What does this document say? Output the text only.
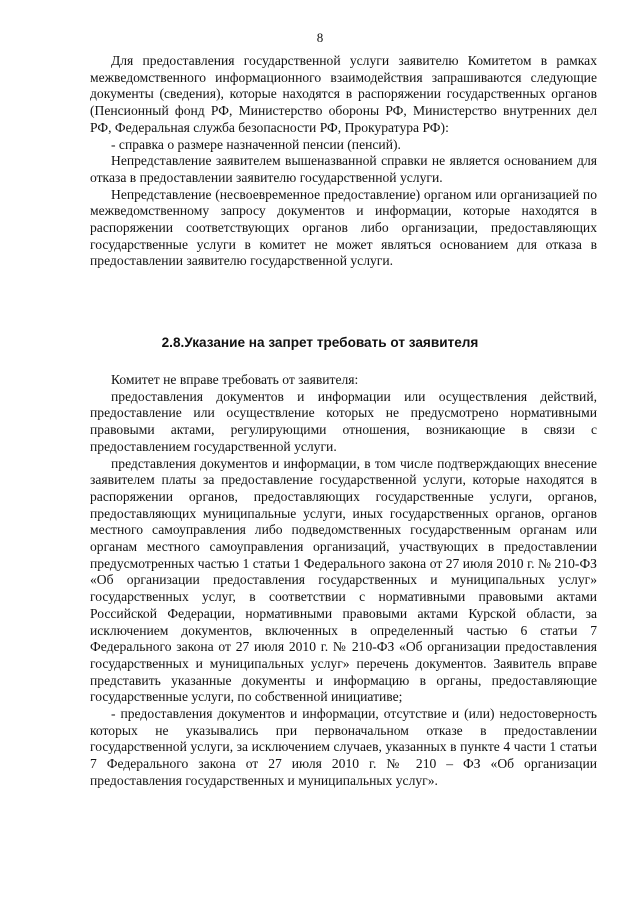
8

Для предоставления государственной услуги заявителю Комитетом в рамках межведомственного информационного взаимодействия запрашиваются следующие документы (сведения), которые находятся в распоряжении государственных органов (Пенсионный фонд РФ, Министерство обороны РФ, Министерство внутренних дел РФ, Федеральная служба безопасности РФ, Прокуратура РФ):

- справка о размере назначенной пенсии (пенсий).

Непредставление заявителем вышеназванной справки не является основанием для отказа в предоставлении заявителю государственной услуги.

Непредставление (несвоевременное предоставление) органом или организацией по межведомственному запросу документов и информации, которые находятся в распоряжении соответствующих органов либо организации, предоставляющих государственные услуги в комитет не может являться основанием для отказа в предоставлении заявителю государственной услуги.

2.8.Указание на запрет требовать от заявителя

Комитет не вправе требовать от заявителя:

предоставления документов и информации или осуществления действий, предоставление или осуществление которых не предусмотрено нормативными правовыми актами, регулирующими отношения, возникающие в связи с предоставлением государственной услуги.

представления документов и информации, в том числе подтверждающих внесение заявителем платы за предоставление государственной услуги, которые находятся в распоряжении органов, предоставляющих государственные услуги, органов, предоставляющих муниципальные услуги, иных государственных органов, органов местного самоуправления либо подведомственных государственным органам или органам местного самоуправления организаций, участвующих в предоставлении предусмотренных частью 1 статьи 1 Федерального закона от 27 июля 2010 г. № 210-ФЗ «Об организации предоставления государственных и муниципальных услуг» государственных услуг, в соответствии с нормативными правовыми актами Российской Федерации, нормативными правовыми актами Курской области, за исключением документов, включенных в определенный частью 6 статьи 7 Федерального закона от 27 июля 2010 г. № 210-ФЗ «Об организации предоставления государственных и муниципальных услуг» перечень документов. Заявитель вправе представить указанные документы и информацию в органы, предоставляющие государственные услуги, по собственной инициативе;

- предоставления документов и информации, отсутствие и (или) недостоверность которых не указывались при первоначальном отказе в предоставлении государственной услуги, за исключением случаев, указанных в пункте 4 части 1 статьи 7 Федерального закона от 27 июля 2010 г. № 210 – ФЗ «Об организации предоставления государственных и муниципальных услуг».
